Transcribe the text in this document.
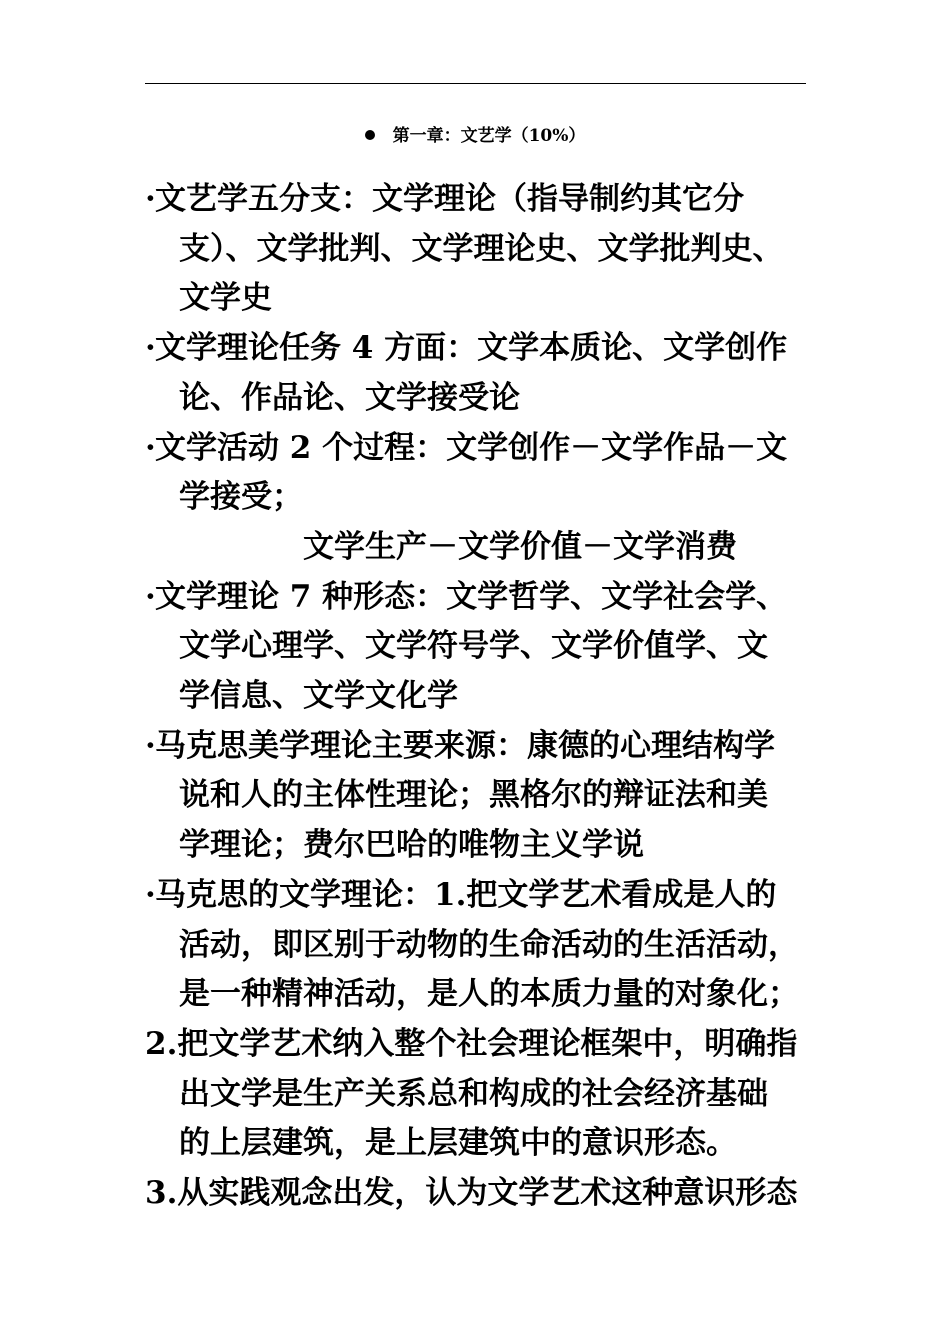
第一章：文艺学（10%）

·文艺学五分支：文学理论（指导制约其它分
支）、文学批判、文学理论史、文学批判史、
文学史

·文学理论任务 4 方面：文学本质论、文学创作
论、作品论、文学接受论

·文学活动 2 个过程：文学创作－文学作品－文
学接受；

文学生产－文学价值－文学消费

·文学理论 7 种形态：文学哲学、文学社会学、
文学心理学、文学符号学、文学价值学、文
学信息、文学文化学

·马克思美学理论主要来源：康德的心理结构学
说和人的主体性理论；黑格尔的辩证法和美
学理论；费尔巴哈的唯物主义学说

·马克思的文学理论：1.把文学艺术看成是人的
活动，即区别于动物的生命活动的生活活动，
是一种精神活动，是人的本质力量的对象化；

2.把文学艺术纳入整个社会理论框架中，明确指
出文学是生产关系总和构成的社会经济基础
的上层建筑，是上层建筑中的意识形态。

3.从实践观念出发，认为文学艺术这种意识形态
